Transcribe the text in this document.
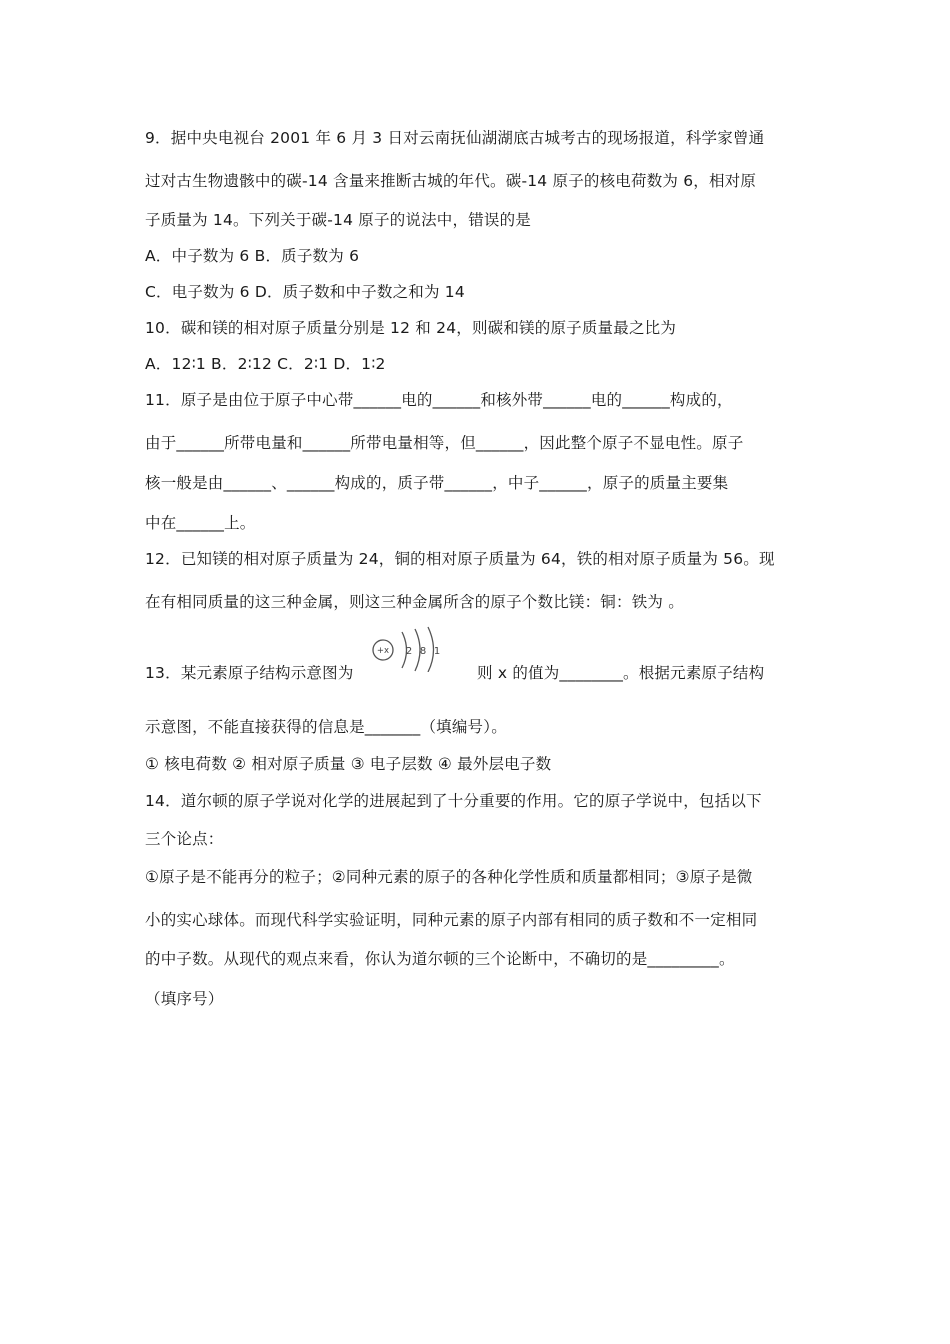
9．据中央电视台 2001 年 6 月 3 日对云南抚仙湖湖底古城考古的现场报道，科学家曾通
过对古生物遗骸中的碳-14 含量来推断古城的年代。碳-14 原子的核电荷数为 6，相对原
子质量为 14。下列关于碳-14 原子的说法中，错误的是
A．中子数为 6 B．质子数为 6
C．电子数为 6 D．质子数和中子数之和为 14
10．碳和镁的相对原子质量分别是 12 和 24，则碳和镁的原子质量最之比为
A．12∶1 B．2∶12 C．2∶1 D．1∶2
11．原子是由位于原子中心带______电的______和核外带______电的______构成的，
由于______所带电量和______所带电量相等，但______，因此整个原子不显电性。原子
核一般是由______、______构成的，质子带______，中子______，原子的质量主要集
中在______上。
12．已知镁的相对原子质量为 24，铜的相对原子质量为 64，铁的相对原子质量为 56。现
在有相同质量的这三种金属，则这三种金属所含的原子个数比镁：铜：铁为 。
13．某元素原子结构示意图为
+x 2 8 1
则 x 的值为________。根据元素原子结构
示意图，不能直接获得的信息是_______（填编号）。
① 核电荷数 ② 相对原子质量 ③ 电子层数 ④ 最外层电子数
14．道尔顿的原子学说对化学的进展起到了十分重要的作用。它的原子学说中，包括以下
三个论点：
①原子是不能再分的粒子；②同种元素的原子的各种化学性质和质量都相同；③原子是微
小的实心球体。而现代科学实验证明，同种元素的原子内部有相同的质子数和不一定相同
的中子数。从现代的观点来看，你认为道尔顿的三个论断中，不确切的是_________。
（填序号）
